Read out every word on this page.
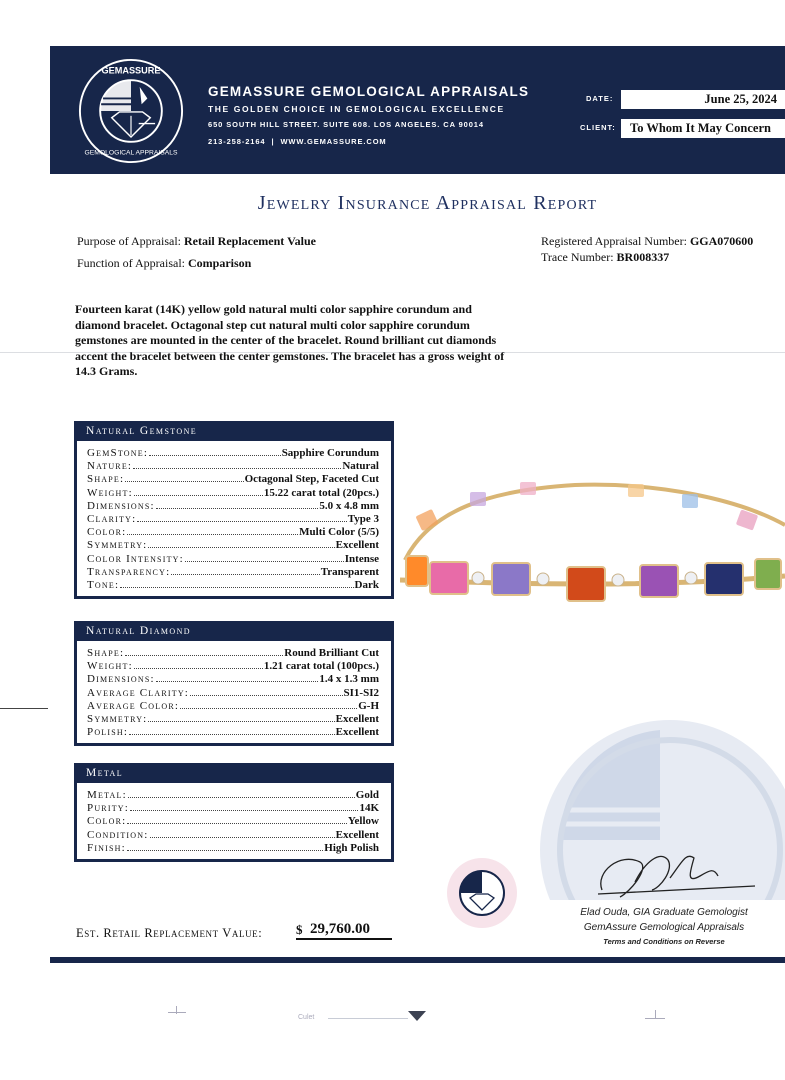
GEMASSURE
GEMOLOGICAL APPRAISALS
GEMASSURE GEMOLOGICAL APPRAISALS
THE GOLDEN CHOICE IN GEMOLOGICAL EXCELLENCE
650 SOUTH HILL STREET. SUITE 608. LOS ANGELES. CA 90014
213-258-2164  |  WWW.GEMASSURE.COM
DATE:	June 25, 2024
CLIENT:	To Whom It May Concern
Jewelry Insurance Appraisal Report
Purpose of Appraisal: Retail Replacement Value
Function of Appraisal: Comparison
Registered Appraisal Number: GGA070600
Trace Number: BR008337
Fourteen karat (14K) yellow gold natural multi color sapphire corundum and diamond bracelet. Octagonal step cut natural multi color sapphire corundum gemstones are mounted in the center of the bracelet. Round brilliant cut diamonds accent the bracelet between the center gemstones. The bracelet has a gross weight of 14.3 Grams.
Natural Gemstone
GemStone:	Sapphire Corundum
Nature:	Natural
Shape:	Octagonal Step, Faceted Cut
Weight:	15.22 carat total (20pcs.)
Dimensions:	5.0 x 4.8 mm
Clarity:	Type 3
Color:	Multi Color (5/5)
Symmetry:	Excellent
Color Intensity:	Intense
Transparency:	Transparent
Tone:	Dark
Natural Diamond
Shape:	Round Brilliant Cut
Weight:	1.21 carat total (100pcs.)
Dimensions:	1.4 x 1.3 mm
Average Clarity:	SI1-SI2
Average Color:	G-H
Symmetry:	Excellent
Polish:	Excellent
Metal
Metal:	Gold
Purity:	14K
Color:	Yellow
Condition:	Excellent
Finish:	High Polish
Elad Ouda, GIA Graduate Gemologist
GemAssure Gemological Appraisals
Terms and Conditions on Reverse
Est. Retail Replacement Value:	$ 29,760.00
Culet
